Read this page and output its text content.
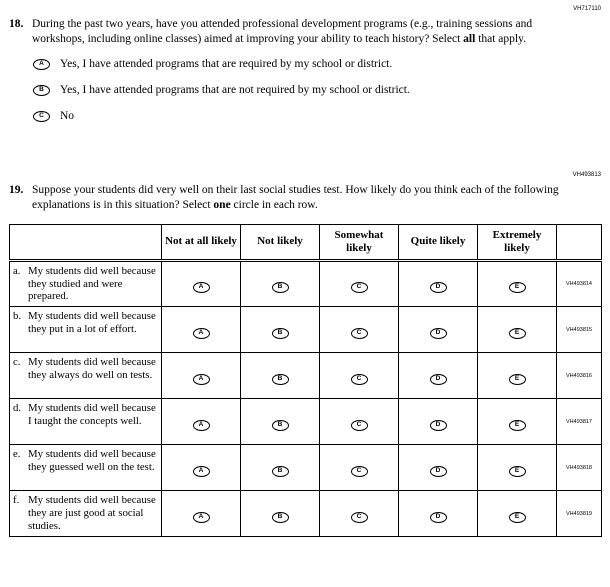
VH717110
18. During the past two years, have you attended professional development programs (e.g., training sessions and workshops, including online classes) aimed at improving your ability to teach history? Select all that apply.
A Yes, I have attended programs that are required by my school or district.
B Yes, I have attended programs that are not required by my school or district.
C No
VH493813
19. Suppose your students did very well on their last social studies test. How likely do you think each of the following explanations is in this situation? Select one circle in each row.
	Not at all likely	Not likely	Somewhat likely	Quite likely	Extremely likely	

a. My students did well because they studied and were prepared.	A	B	C	D	E	VH493814

b. My students did well because they put in a lot of effort.	A	B	C	D	E	VH493815

c. My students did well because they always do well on tests.	A	B	C	D	E	VH493816

d. My students did well because I taught the concepts well.	A	B	C	D	E	VH493817

e. My students did well because they guessed well on the test.	A	B	C	D	E	VH493818

f. My students did well because they are just good at social studies.	A	B	C	D	E	VH493819
